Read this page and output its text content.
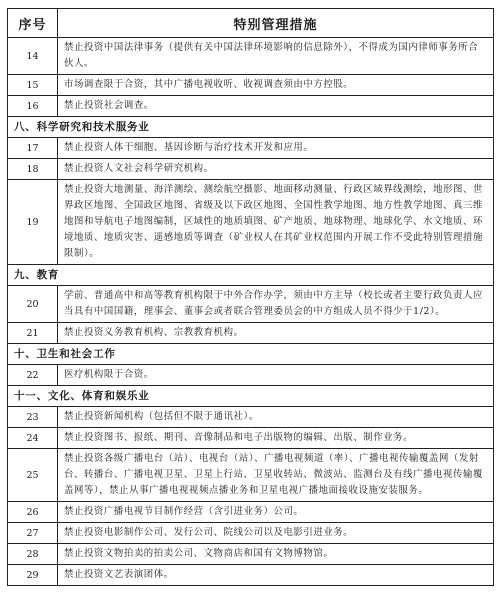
序号	特别管理措施
14	禁止投资中国法律事务（提供有关中国法律环境影响的信息除外），不得成为国内律师事务所合伙人。
15	市场调查限于合资，其中广播电视收听、收视调查须由中方控股。
16	禁止投资社会调查。
八、科学研究和技术服务业	
17	禁止投资人体干细胞、基因诊断与治疗技术开发和应用。
18	禁止投资人文社会科学研究机构。
19	禁止投资大地测量、海洋测绘、测绘航空摄影、地面移动测量、行政区域界线测绘，地形图、世界政区地图、全国政区地图、省级及以下政区地图、全国性教学地图、地方性教学地图、真三维地图和导航电子地图编制，区域性的地质填图、矿产地质、地球物理、地球化学、水文地质、环境地质、地质灾害、遥感地质等调查（矿业权人在其矿业权范围内开展工作不受此特别管理措施限制）。
九、教育	
20	学前、普通高中和高等教育机构限于中外合作办学，须由中方主导（校长或者主要行政负责人应当具有中国国籍，理事会、董事会或者联合管理委员会的中方组成人员不得少于1/2）。
21	禁止投资义务教育机构、宗教教育机构。
十、卫生和社会工作	
22	医疗机构限于合资。
十一、文化、体育和娱乐业	
23	禁止投资新闻机构（包括但不限于通讯社）。
24	禁止投资图书、报纸、期刊、音像制品和电子出版物的编辑、出版、制作业务。
25	禁止投资各级广播电台（站）、电视台（站）、广播电视频道（率）、广播电视传输覆盖网（发射台、转播台、广播电视卫星、卫星上行站、卫星收转站、微波站、监测台及有线广播电视传输覆盖网等），禁止从事广播电视视频点播业务和卫星电视广播地面接收设施安装服务。
26	禁止投资广播电视节目制作经营（含引进业务）公司。
27	禁止投资电影制作公司、发行公司、院线公司以及电影引进业务。
28	禁止投资文物拍卖的拍卖公司、文物商店和国有文物博物馆。
29	禁止投资文艺表演团体。
